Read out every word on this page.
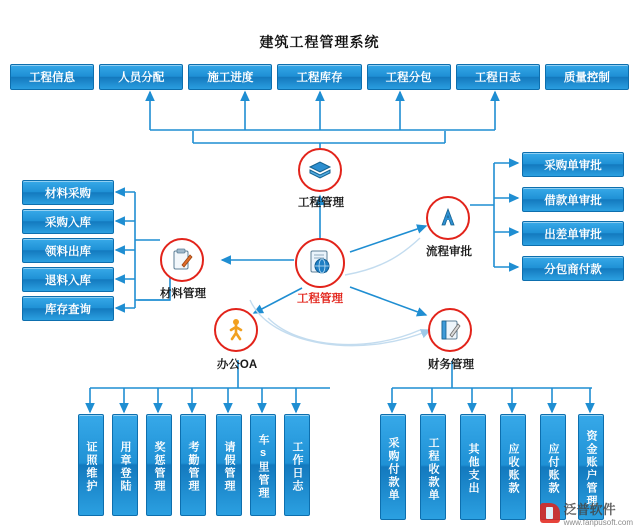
建筑工程管理系统
工程信息	人员分配	施工进度	工程库存	工程分包	工程日志	质量控制
工程管理
工程管理
材料管理
流程审批
办公OA	财务管理
材料采购
采购入库
领料出库
退料入库
库存查询
采购单审批
借款单审批
出差单审批
分包商付款
证照维护	用章登陆	奖惩管理	考勤管理	请假管理	车s里管理	工作日志	采购付款单	工程收款单	其他支出	应收账款	应付账款	资金账户管理
泛普软件
www.fanpusoft.com
